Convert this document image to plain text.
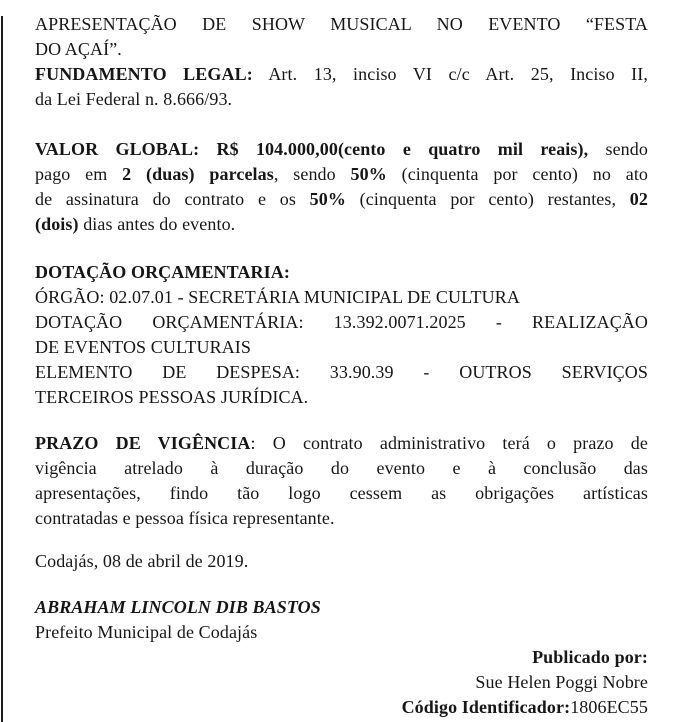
APRESENTAÇÃO DE SHOW MUSICAL NO EVENTO “FESTA
DO AÇAÍ”.
FUNDAMENTO LEGAL: Art. 13, inciso VI c/c Art. 25, Inciso II,
da Lei Federal n. 8.666/93.
VALOR GLOBAL: R$ 104.000,00(cento e quatro mil reais), sendo
pago em 2 (duas) parcelas, sendo 50% (cinquenta por cento) no ato
de assinatura do contrato e os 50% (cinquenta por cento) restantes, 02
(dois) dias antes do evento.
DOTAÇÃO ORÇAMENTARIA:
ÓRGÃO: 02.07.01 - SECRETÁRIA MUNICIPAL DE CULTURA
DOTAÇÃO ORÇAMENTÁRIA: 13.392.0071.2025 - REALIZAÇÃO
DE EVENTOS CULTURAIS
ELEMENTO DE DESPESA: 33.90.39 - OUTROS SERVIÇOS
TERCEIROS PESSOAS JURÍDICA.
PRAZO DE VIGÊNCIA: O contrato administrativo terá o prazo de
vigência atrelado à duração do evento e à conclusão das
apresentações, findo tão logo cessem as obrigações artísticas
contratadas e pessoa física representante.
Codajás, 08 de abril de 2019.
ABRAHAM LINCOLN DIB BASTOS
Prefeito Municipal de Codajás
Publicado por:
Sue Helen Poggi Nobre
Código Identificador:1806EC55
